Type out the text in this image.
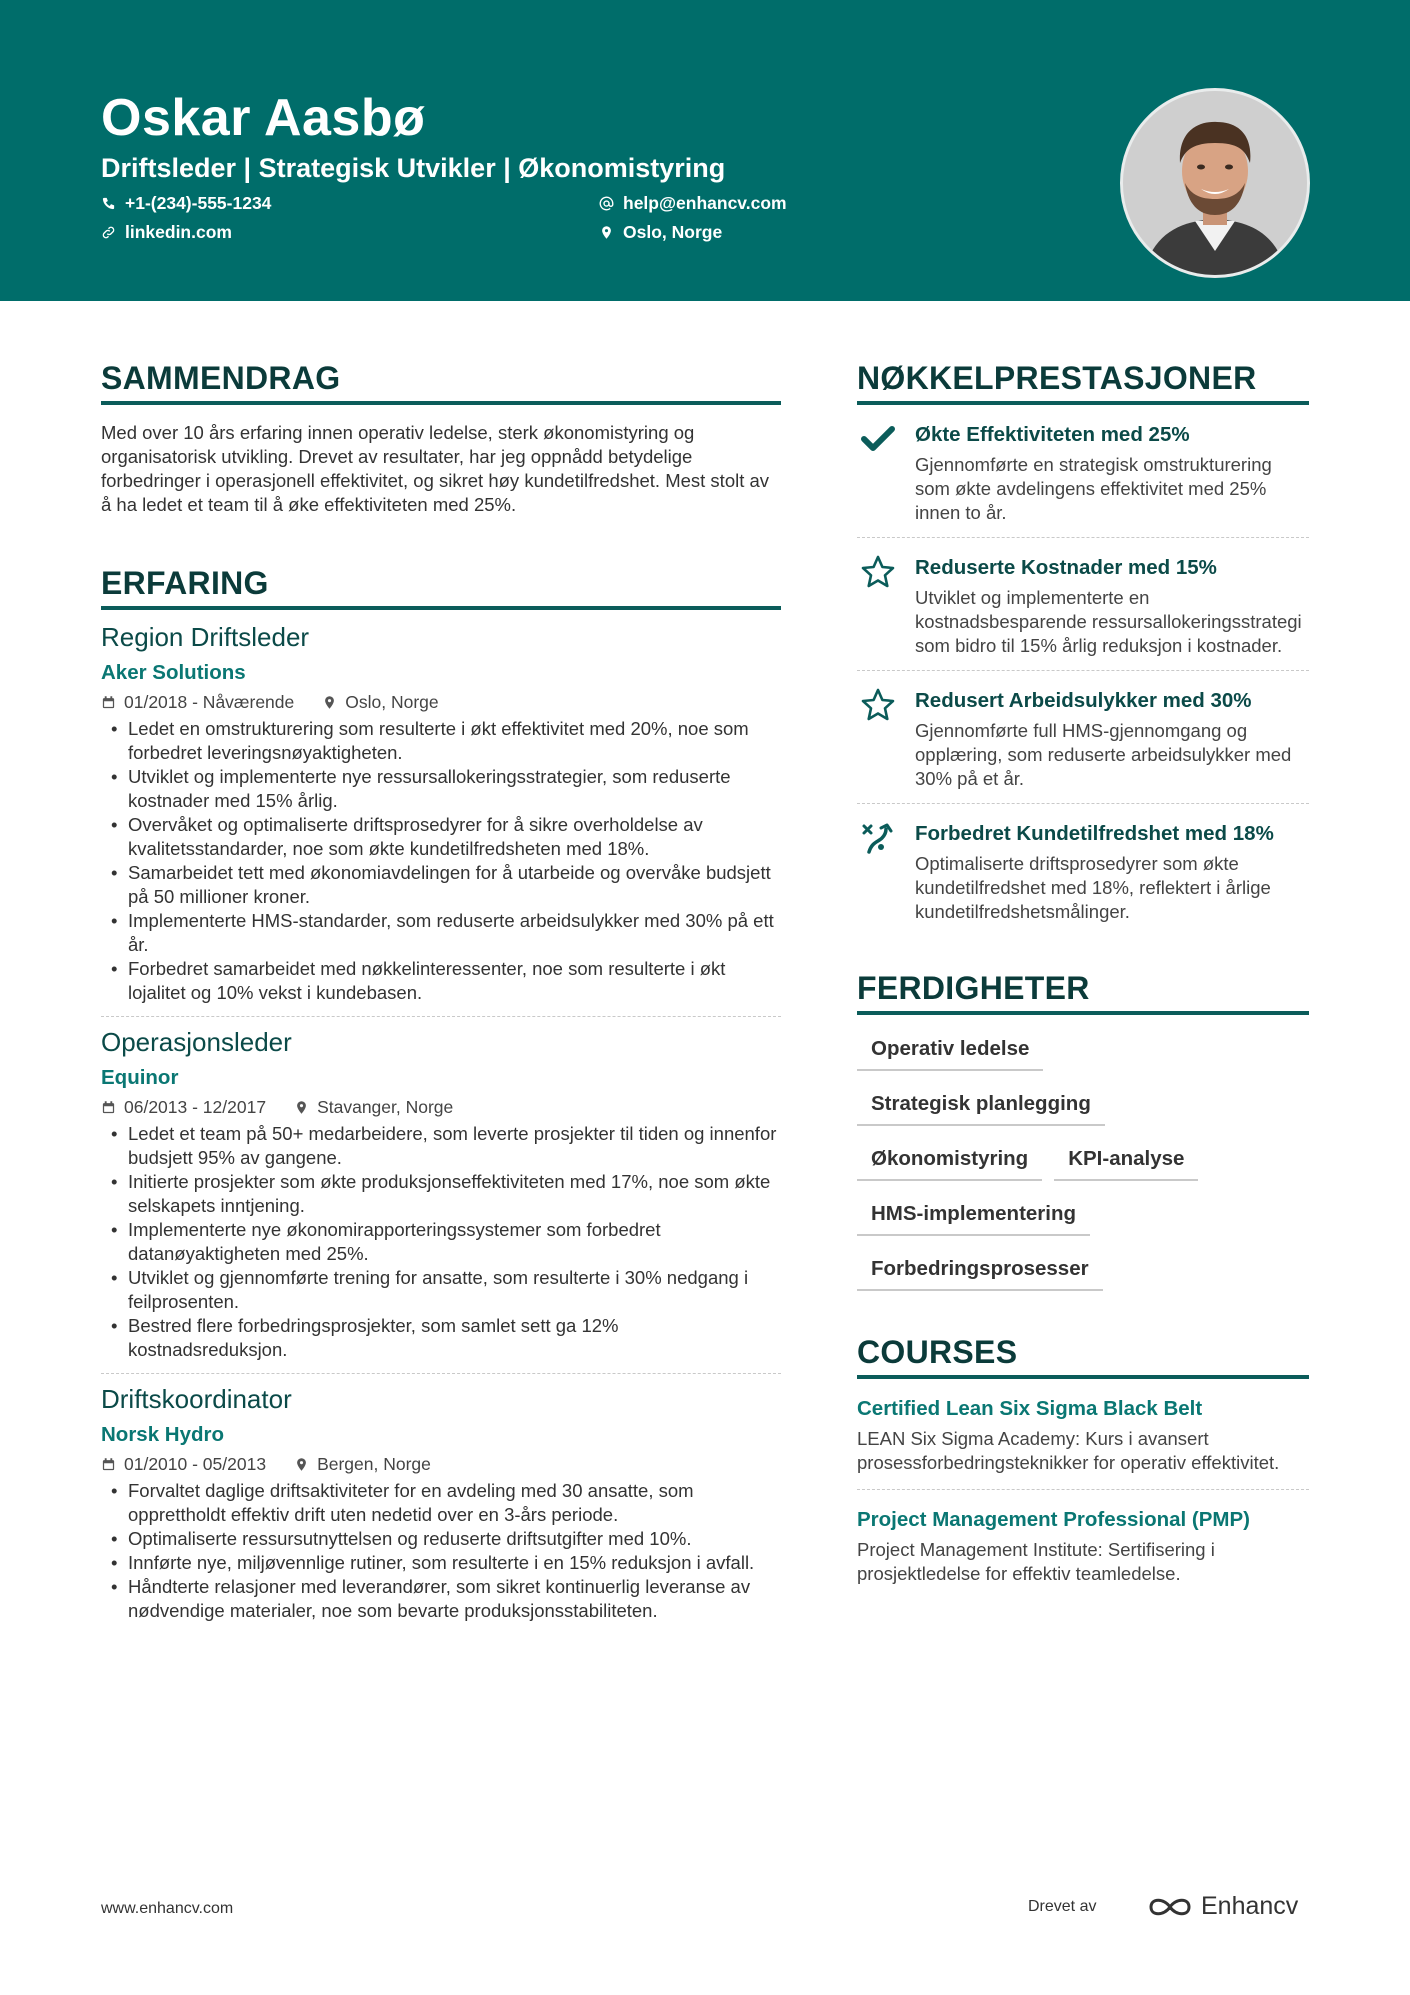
Oskar Aasbø
Driftsleder | Strategisk Utvikler | Økonomistyring
+1-(234)-555-1234	help@enhancv.com
linkedin.com	Oslo, Norge
SAMMENDRAG

Med over 10 års erfaring innen operativ ledelse, sterk økonomistyring og organisatorisk utvikling. Drevet av resultater, har jeg oppnådd betydelige forbedringer i operasjonell effektivitet, og sikret høy kundetilfredshet. Mest stolt av å ha ledet et team til å øke effektiviteten med 25%.

ERFARING
Region Driftsleder
Aker Solutions
01/2018 - Nåværende	Oslo, Norge
• Ledet en omstrukturering som resulterte i økt effektivitet med 20%, noe som forbedret leveringsnøyaktigheten.
• Utviklet og implementerte nye ressursallokeringsstrategier, som reduserte kostnader med 15% årlig.
• Overvåket og optimaliserte driftsprosedyrer for å sikre overholdelse av kvalitetsstandarder, noe som økte kundetilfredsheten med 18%.
• Samarbeidet tett med økonomiavdelingen for å utarbeide og overvåke budsjett på 50 millioner kroner.
• Implementerte HMS-standarder, som reduserte arbeidsulykker med 30% på ett år.
• Forbedret samarbeidet med nøkkelinteressenter, noe som resulterte i økt lojalitet og 10% vekst i kundebasen.
Operasjonsleder
Equinor
06/2013 - 12/2017	Stavanger, Norge
• Ledet et team på 50+ medarbeidere, som leverte prosjekter til tiden og innenfor budsjett 95% av gangene.
• Initierte prosjekter som økte produksjonseffektiviteten med 17%, noe som økte selskapets inntjening.
• Implementerte nye økonomirapporteringssystemer som forbedret datanøyaktigheten med 25%.
• Utviklet og gjennomførte trening for ansatte, som resulterte i 30% nedgang i feilprosenten.
• Bestred flere forbedringsprosjekter, som samlet sett ga 12% kostnadsreduksjon.
Driftskoordinator
Norsk Hydro
01/2010 - 05/2013	Bergen, Norge
• Forvaltet daglige driftsaktiviteter for en avdeling med 30 ansatte, som opprettholdt effektiv drift uten nedetid over en 3-års periode.
• Optimaliserte ressursutnyttelsen og reduserte driftsutgifter med 10%.
• Innførte nye, miljøvennlige rutiner, som resulterte i en 15% reduksjon i avfall.
• Håndterte relasjoner med leverandører, som sikret kontinuerlig leveranse av nødvendige materialer, noe som bevarte produksjonsstabiliteten.
NØKKELPRESTASJONER
Økte Effektiviteten med 25%
Gjennomførte en strategisk omstrukturering som økte avdelingens effektivitet med 25% innen to år.
Reduserte Kostnader med 15%
Utviklet og implementerte en kostnadsbesparende ressursallokeringsstrategi som bidro til 15% årlig reduksjon i kostnader.
Redusert Arbeidsulykker med 30%
Gjennomførte full HMS-gjennomgang og opplæring, som reduserte arbeidsulykker med 30% på et år.
Forbedret Kundetilfredshet med 18%
Optimaliserte driftsprosedyrer som økte kundetilfredshet med 18%, reflektert i årlige kundetilfredshetsmålinger.
FERDIGHETER
Operativ ledelse
Strategisk planlegging
Økonomistyring	KPI-analyse
HMS-implementering
Forbedringsprosesser
COURSES
Certified Lean Six Sigma Black Belt
LEAN Six Sigma Academy: Kurs i avansert prosessforbedringsteknikker for operativ effektivitet.
Project Management Professional (PMP)
Project Management Institute: Sertifisering i prosjektledelse for effektiv teamledelse.
www.enhancv.com	Drevet av	Enhancv
